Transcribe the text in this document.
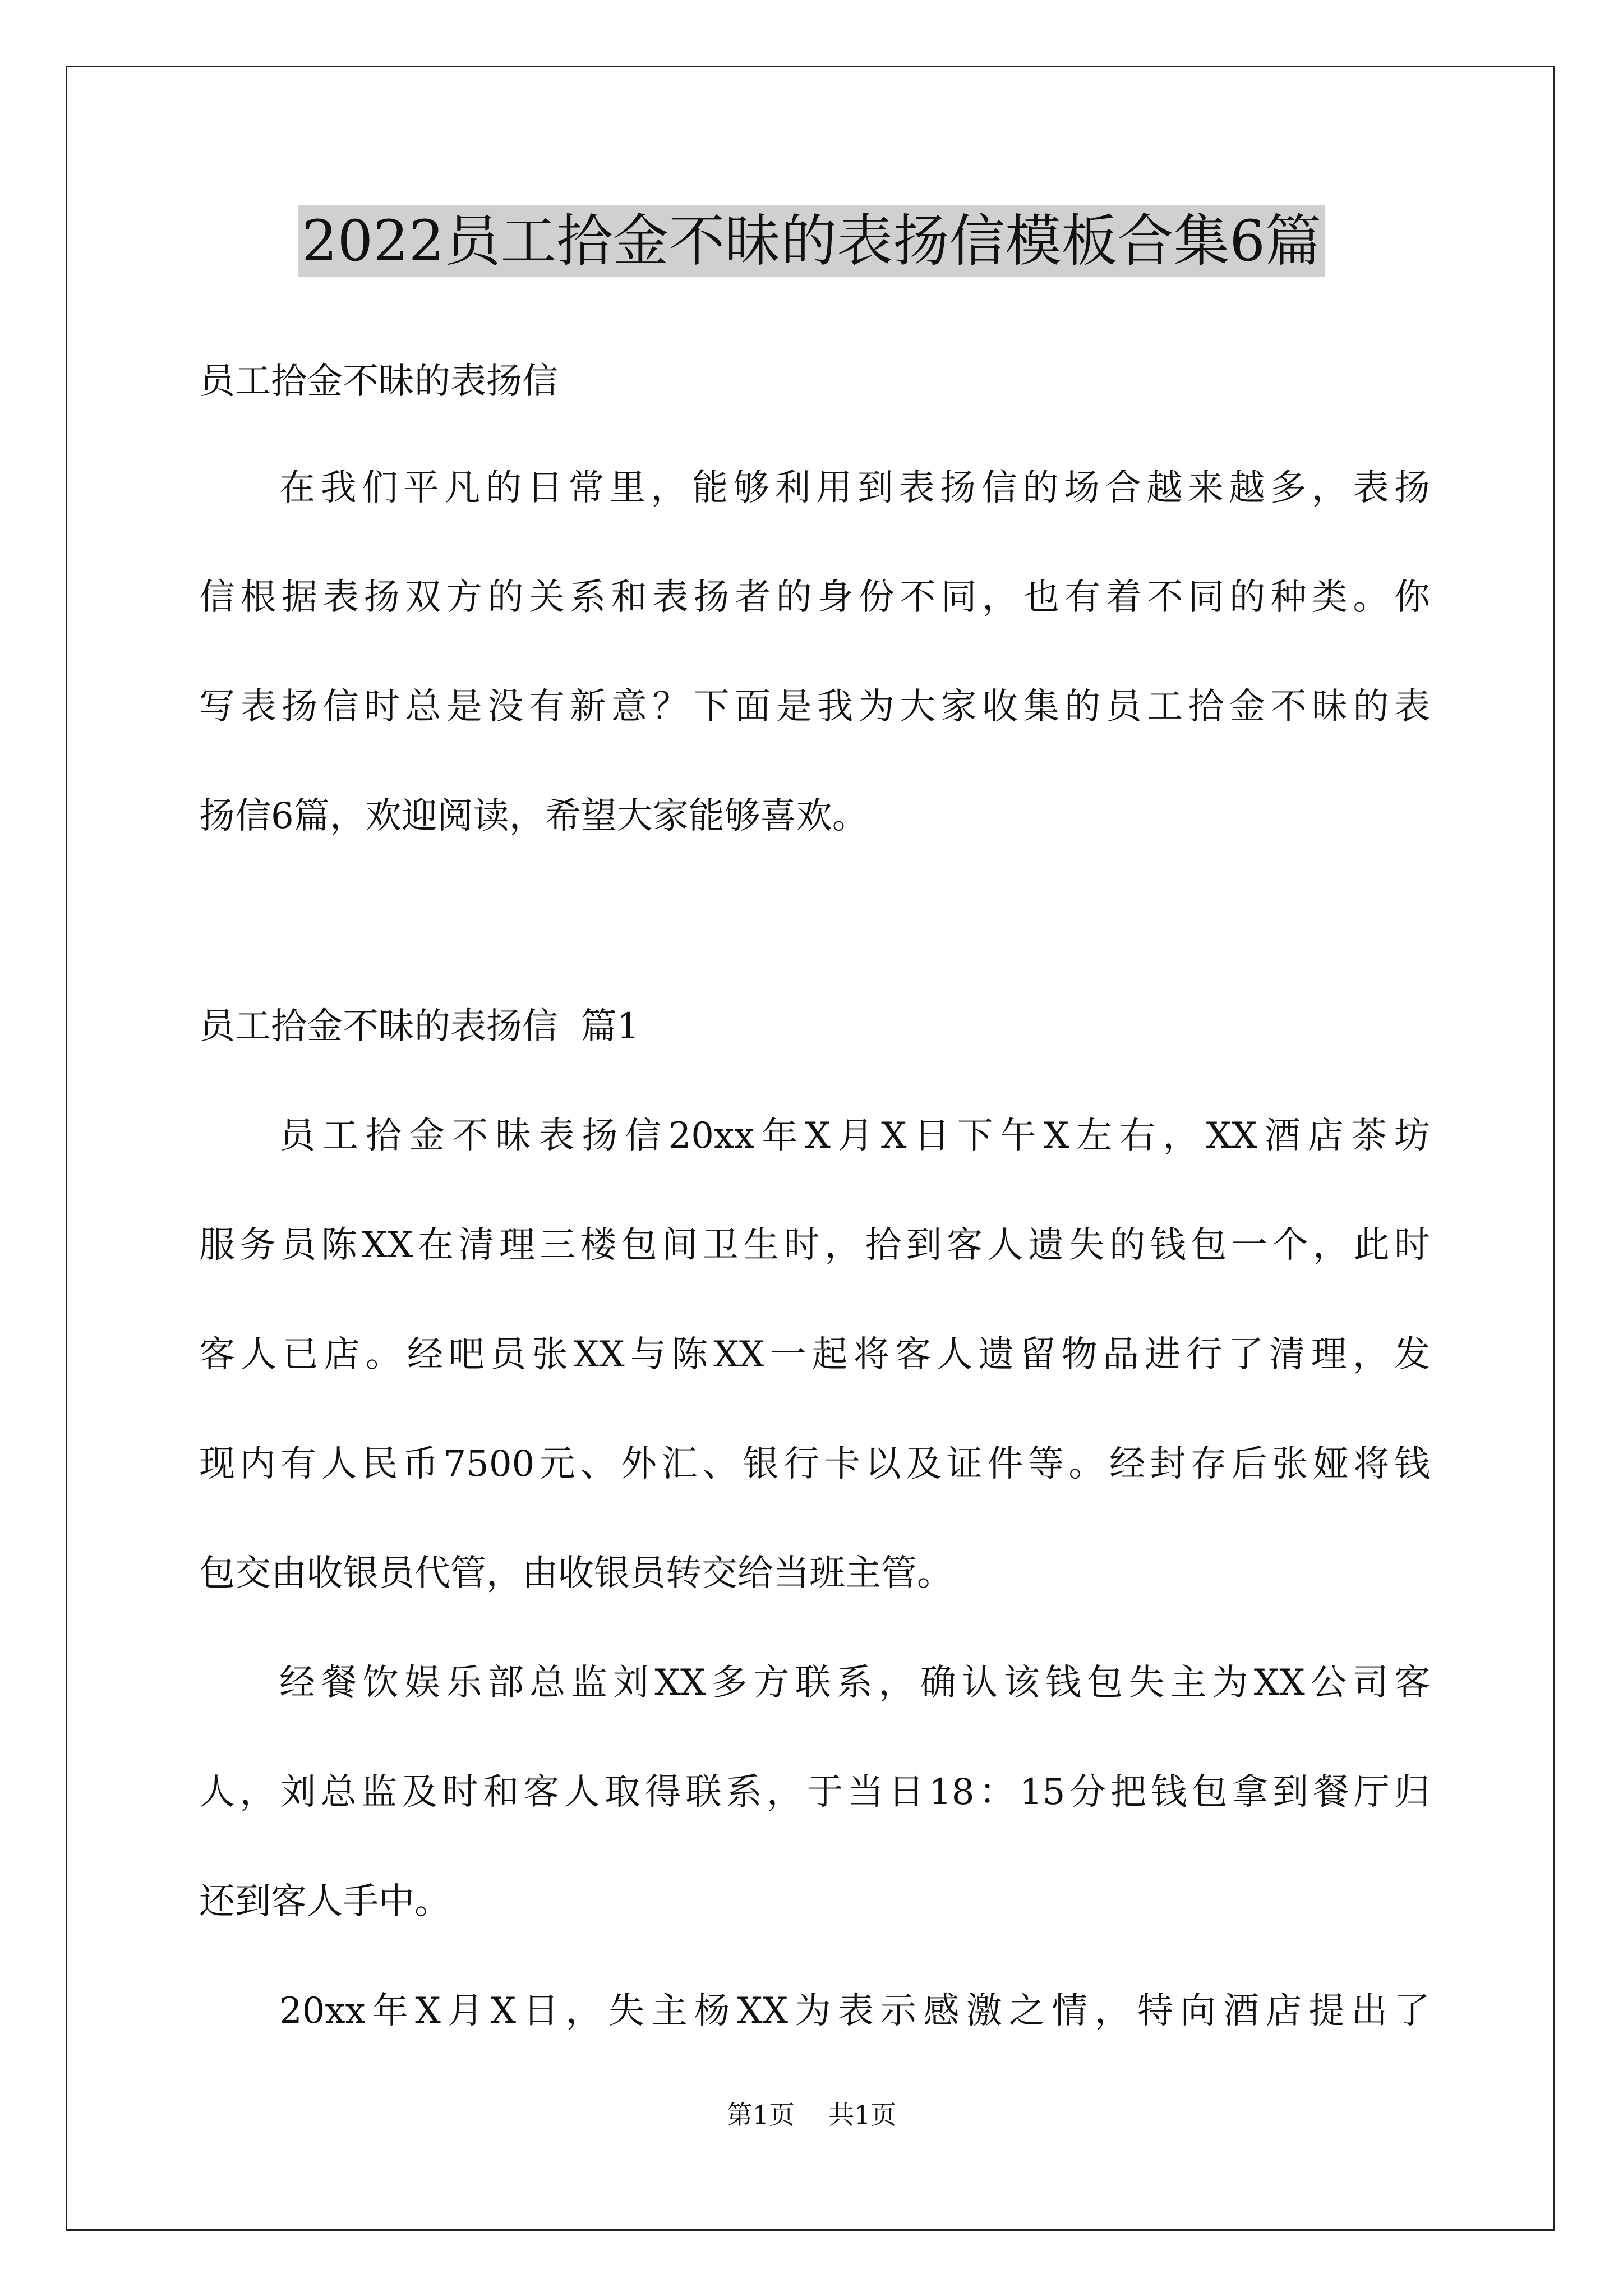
2022员工拾金不昧的表扬信模板合集6篇

员工拾金不昧的表扬信

在我们平凡的日常里，能够利用到表扬信的场合越来越多，表扬

信根据表扬双方的关系和表扬者的身份不同，也有着不同的种类。你

写表扬信时总是没有新意？下面是我为大家收集的员工拾金不昧的表

扬信6篇，欢迎阅读，希望大家能够喜欢。

员工拾金不昧的表扬信  篇1

员工拾金不昧表扬信20xx年X月X日下午X左右，XX酒店茶坊

服务员陈XX在清理三楼包间卫生时，拾到客人遗失的钱包一个，此时

客人已店。经吧员张XX与陈XX一起将客人遗留物品进行了清理，发

现内有人民币7500元、外汇、银行卡以及证件等。经封存后张娅将钱

包交由收银员代管，由收银员转交给当班主管。

经餐饮娱乐部总监刘XX多方联系，确认该钱包失主为XX公司客

人，刘总监及时和客人取得联系，于当日18：15分把钱包拿到餐厅归

还到客人手中。

20xx年X月X日，失主杨XX为表示感激之情，特向酒店提出了

第1页 共1页
